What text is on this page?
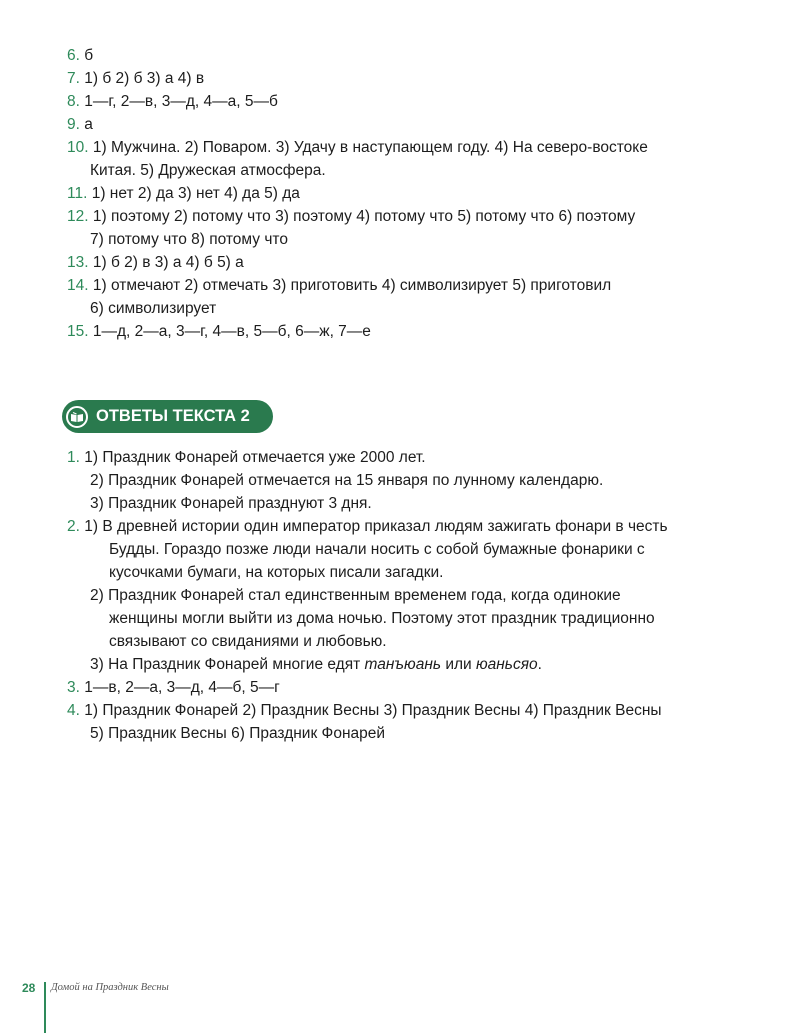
6. б
7. 1) б 2) б 3) а 4) в
8. 1—г, 2—в, 3—д, 4—а, 5—б
9. а
10. 1) Мужчина. 2) Поваром. 3) Удачу в наступающем году. 4) На северо-востоке
Китая. 5) Дружеская атмосфера.
11. 1) нет 2) да 3) нет 4) да 5) да
12. 1) поэтому 2) потому что 3) поэтому 4) потому что 5) потому что 6) поэтому
7) потому что 8) потому что
13. 1) б 2) в 3) а 4) б 5) а
14. 1) отмечают 2) отмечать 3) приготовить 4) символизирует 5) приготовил
6) символизирует
15. 1—д, 2—а, 3—г, 4—в, 5—б, 6—ж, 7—е
ОТВЕТЫ ТЕКСТА 2
1. 1) Праздник Фонарей отмечается уже 2000 лет.
2) Праздник Фонарей отмечается на 15 января по лунному календарю.
3) Праздник Фонарей празднуют 3 дня.
2. 1) В древней истории один император приказал людям зажигать фонари в честь
Будды. Гораздо позже люди начали носить с собой бумажные фонарики с
кусочками бумаги, на которых писали загадки.
2) Праздник Фонарей стал единственным временем года, когда одинокие
женщины могли выйти из дома ночью. Поэтому этот праздник традиционно
связывают со свиданиями и любовью.
3) На Праздник Фонарей многие едят танъюань или юаньсяо.
3. 1—в, 2—а, 3—д, 4—б, 5—г
4. 1) Праздник Фонарей 2) Праздник Весны 3) Праздник Весны 4) Праздник Весны
5) Праздник Весны 6) Праздник Фонарей
28 Домой на Праздник Весны
